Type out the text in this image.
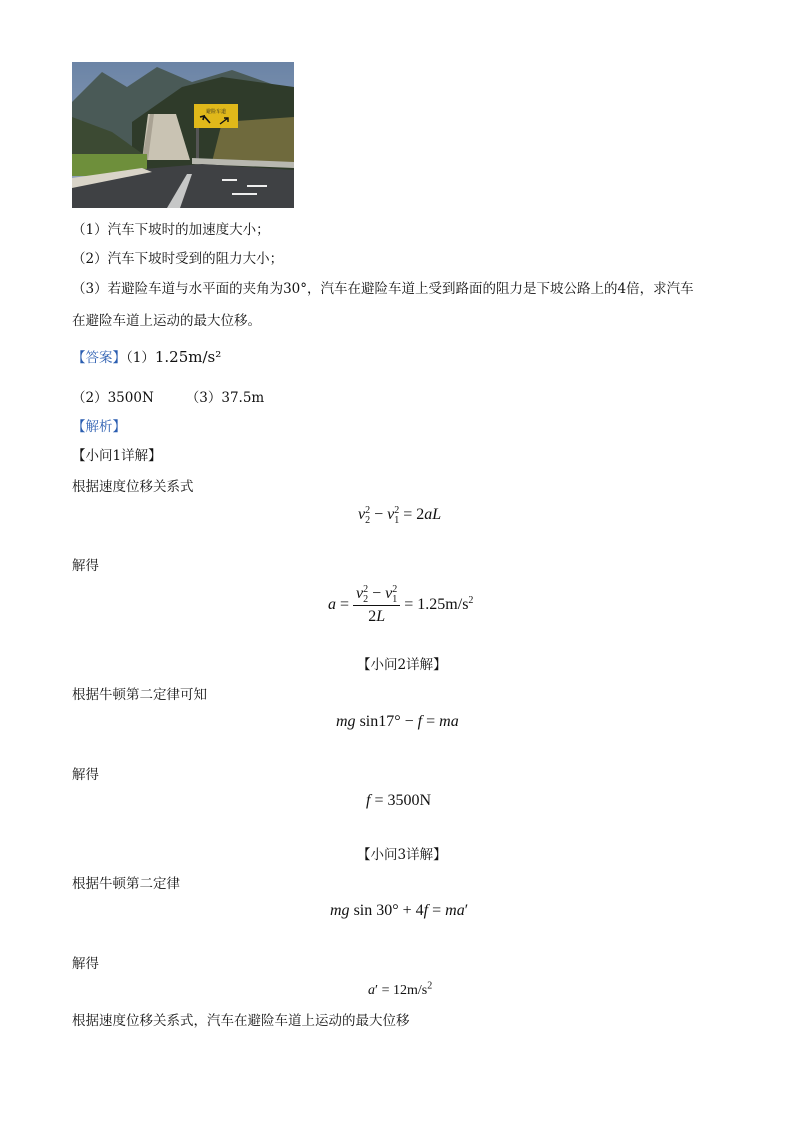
避险车道
（1）汽车下坡时的加速度大小；
（2）汽车下坡时受到的阻力大小；
（3）若避险车道与水平面的夹角为30°，汽车在避险车道上受到路面的阻力是下坡公路上的4倍，求汽车
在避险车道上运动的最大位移。
【答案】（1）1.25m/s²
（2）3500N （3）37.5m
【解析】
【小问1详解】
根据速度位移关系式
$v_2^2 - v_1^2 = 2aL$
解得
$a = \frac{v_2^2 - v_1^2}{2L} = 1.25m/s^2$
【小问2详解】
根据牛顿第二定律可知
mg sin17° − f = ma
解得
f = 3500N
【小问3详解】
根据牛顿第二定律
mg sin 30° + 4f = ma′
解得
$a' = 12m/s^2$
根据速度位移关系式，汽车在避险车道上运动的最大位移
